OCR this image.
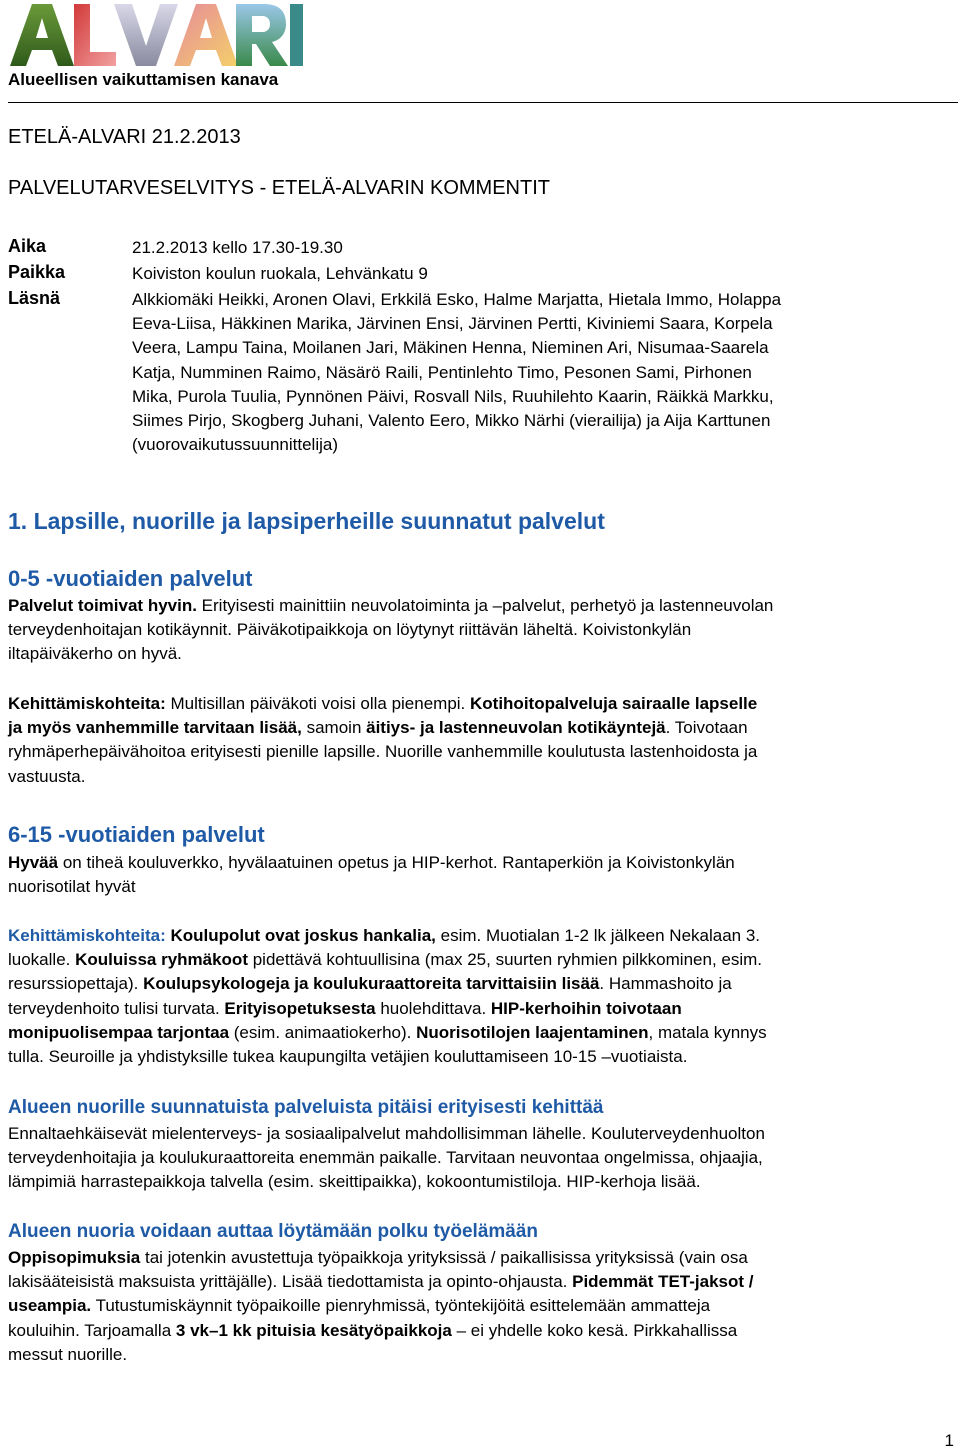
Alueellisen vaikuttamisen kanava
ETELÄ-ALVARI 21.2.2013
PALVELUTARVESELVITYS - ETELÄ-ALVARIN KOMMENTIT
Aika	21.2.2013 kello 17.30-19.30
Paikka	Koiviston koulun ruokala, Lehvänkatu 9
Läsnä	Alkkiomäki Heikki, Aronen Olavi, Erkkilä Esko, Halme Marjatta, Hietala Immo, Holappa
Eeva-Liisa, Häkkinen Marika, Järvinen Ensi, Järvinen Pertti, Kiviniemi Saara, Korpela
Veera, Lampu Taina, Moilanen Jari, Mäkinen Henna, Nieminen Ari, Nisumaa-Saarela
Katja, Numminen Raimo, Näsärö Raili, Pentinlehto Timo, Pesonen Sami, Pirhonen
Mika, Purola Tuulia, Pynnönen Päivi, Rosvall Nils, Ruuhilehto Kaarin, Räikkä Markku,
Siimes Pirjo, Skogberg Juhani, Valento Eero, Mikko Närhi (vierailija) ja Aija Karttunen
(vuorovaikutussuunnittelija)
1. Lapsille, nuorille ja lapsiperheille suunnatut palvelut
0-5 -vuotiaiden palvelut

Palvelut toimivat hyvin. Erityisesti mainittiin neuvolatoiminta ja –palvelut, perhetyö ja lastenneuvolan

terveydenhoitajan kotikäynnit. Päiväkotipaikkoja on löytynyt riittävän läheltä. Koivistonkylän

iltapäiväkerho on hyvä.

Kehittämiskohteita: Multisillan päiväkoti voisi olla pienempi. Kotihoitopalveluja sairaalle lapselle

ja myös vanhemmille tarvitaan lisää, samoin äitiys- ja lastenneuvolan kotikäyntejä. Toivotaan

ryhmäperhepäivähoitoa erityisesti pienille lapsille. Nuorille vanhemmille koulutusta lastenhoidosta ja

vastuusta.

6-15 -vuotiaiden palvelut

Hyvää on tiheä kouluverkko, hyvälaatuinen opetus ja HIP-kerhot. Rantaperkiön ja Koivistonkylän

nuorisotilat hyvät

Kehittämiskohteita: Koulupolut ovat joskus hankalia, esim. Muotialan 1-2 lk jälkeen Nekalaan 3.

luokalle. Kouluissa ryhmäkoot pidettävä kohtuullisina (max 25, suurten ryhmien pilkkominen, esim.

resurssiopettaja). Koulupsykologeja ja koulukuraattoreita tarvittaisiin lisää. Hammashoito ja

terveydenhoito tulisi turvata. Erityisopetuksesta huolehdittava. HIP-kerhoihin toivotaan

monipuolisempaa tarjontaa (esim. animaatiokerho). Nuorisotilojen laajentaminen, matala kynnys

tulla. Seuroille ja yhdistyksille tukea kaupungilta vetäjien kouluttamiseen 10-15 –vuotiaista.

Alueen nuorille suunnatuista palveluista pitäisi erityisesti kehittää

Ennaltaehkäisevät mielenterveys- ja sosiaalipalvelut mahdollisimman lähelle. Kouluterveydenhuolton

terveydenhoitajia ja koulukuraattoreita enemmän paikalle. Tarvitaan neuvontaa ongelmissa, ohjaajia,

lämpimiä harrastepaikkoja talvella (esim. skeittipaikka), kokoontumistiloja. HIP-kerhoja lisää.

Alueen nuoria voidaan auttaa löytämään polku työelämään

Oppisopimuksia tai jotenkin avustettuja työpaikkoja yrityksissä / paikallisissa yrityksissä (vain osa

lakisääteisistä maksuista yrittäjälle). Lisää tiedottamista ja opinto-ohjausta. Pidemmät TET-jaksot /

useampia. Tutustumiskäynnit työpaikoille pienryhmissä, työntekijöitä esittelemään ammatteja

kouluihin. Tarjoamalla 3 vk–1 kk pituisia kesätyöpaikkoja – ei yhdelle koko kesä. Pirkkahallissa

messut nuorille.

1
